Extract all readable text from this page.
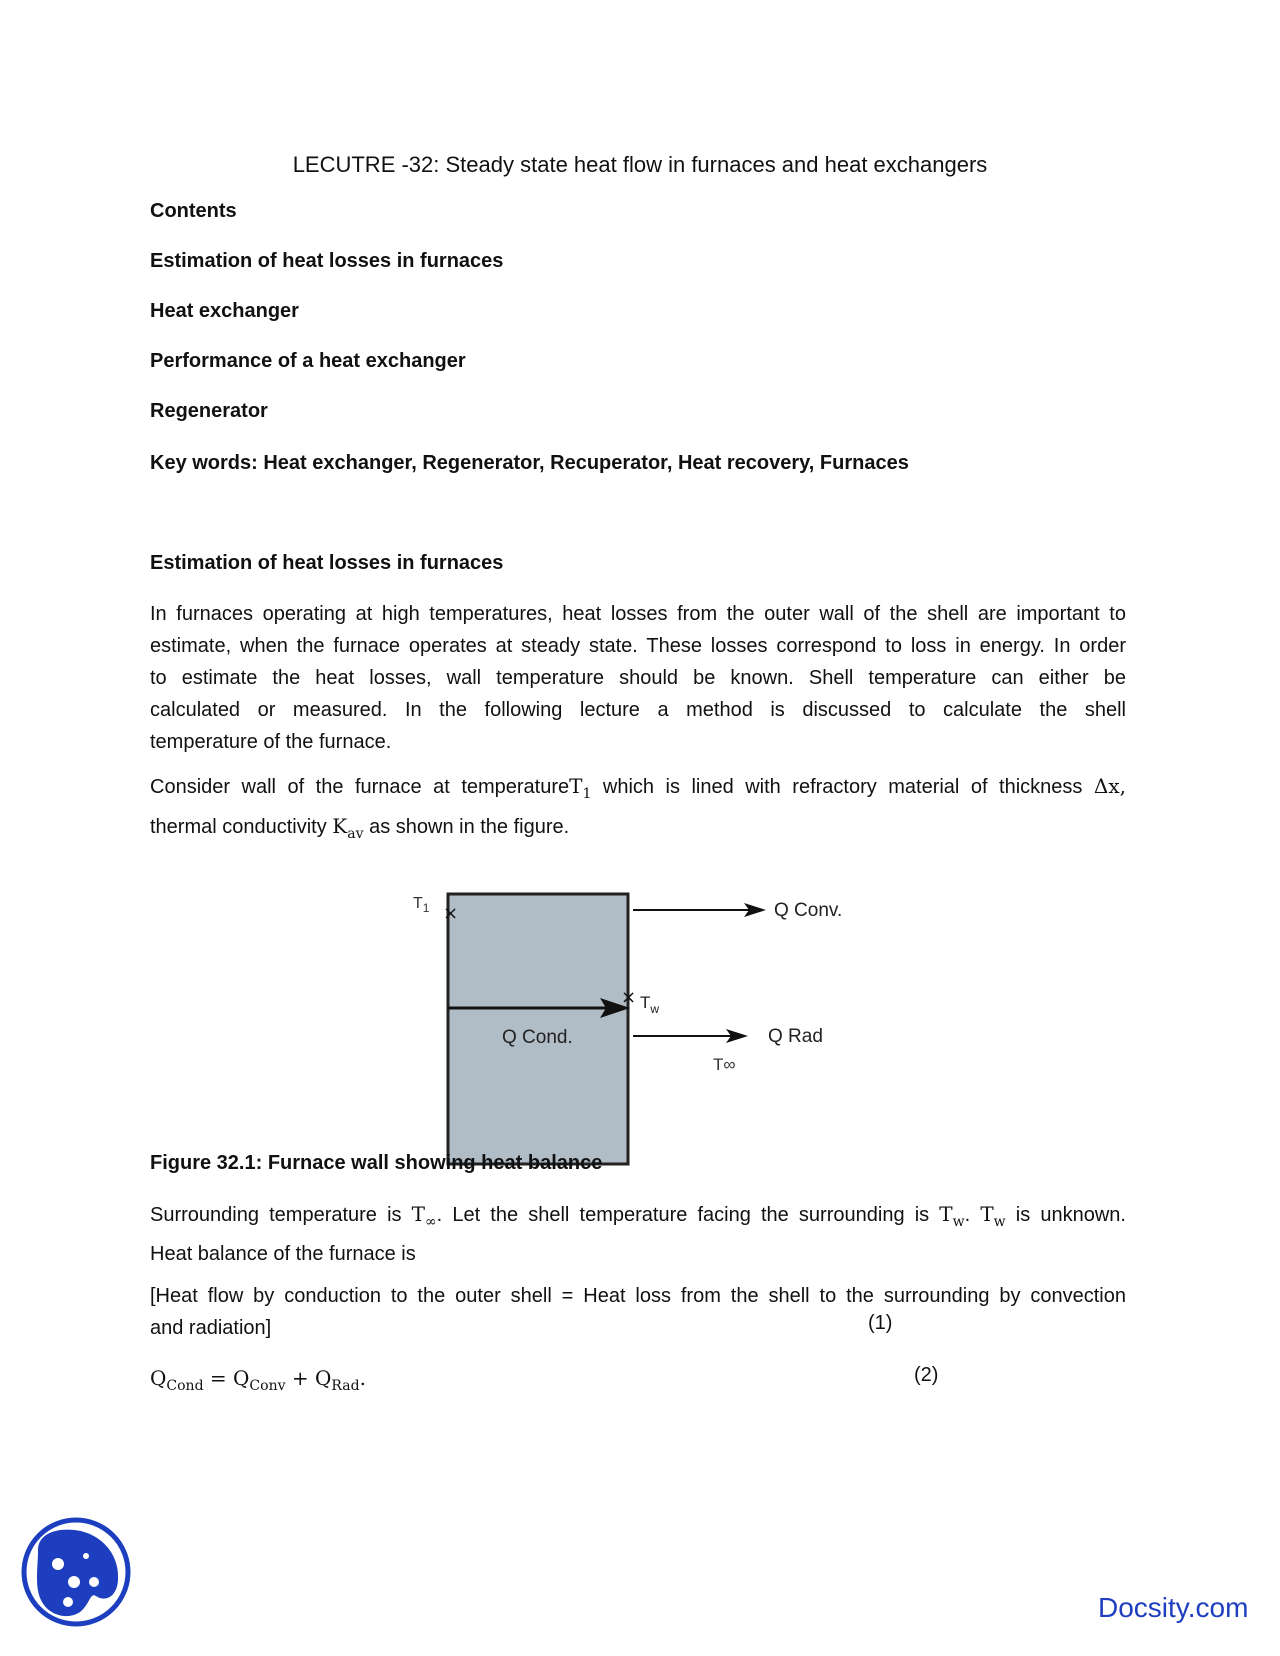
LECUTRE -32: Steady state heat flow in furnaces and heat exchangers
Contents
Estimation of heat losses in furnaces
Heat exchanger
Performance of a heat exchanger
Regenerator
Key words: Heat exchanger, Regenerator, Recuperator, Heat recovery, Furnaces
Estimation of heat losses in furnaces
In furnaces operating at high temperatures, heat losses from the outer wall of the shell are important to
estimate, when the furnace operates at steady state. These losses correspond to loss in energy. In order
to estimate the heat losses, wall temperature should be known. Shell temperature can either be
calculated or measured. In the following lecture a method is discussed to calculate the shell
temperature of the furnace.
Consider wall of the furnace at temperatureT$_1$ which is lined with refractory material of thickness Δx,
thermal conductivity $K_{av}$ as shown in the figure.
×
×
$T_1$
$T_w$
Q Conv.
Q Rad
Q Cond.
T∞
Figure 32.1: Furnace wall showing heat balance
Surrounding temperature is $T_\infty$. Let the shell temperature facing the surrounding is $T_w$. $T_w$ is unknown.
Heat balance of the furnace is
[Heat flow by conduction to the outer shell = Heat loss from the shell to the surrounding by convection
and radiation]	(1)
$Q_{Cond} = Q_{Conv} + Q_{Rad}$.	(2)
Docsity.com
